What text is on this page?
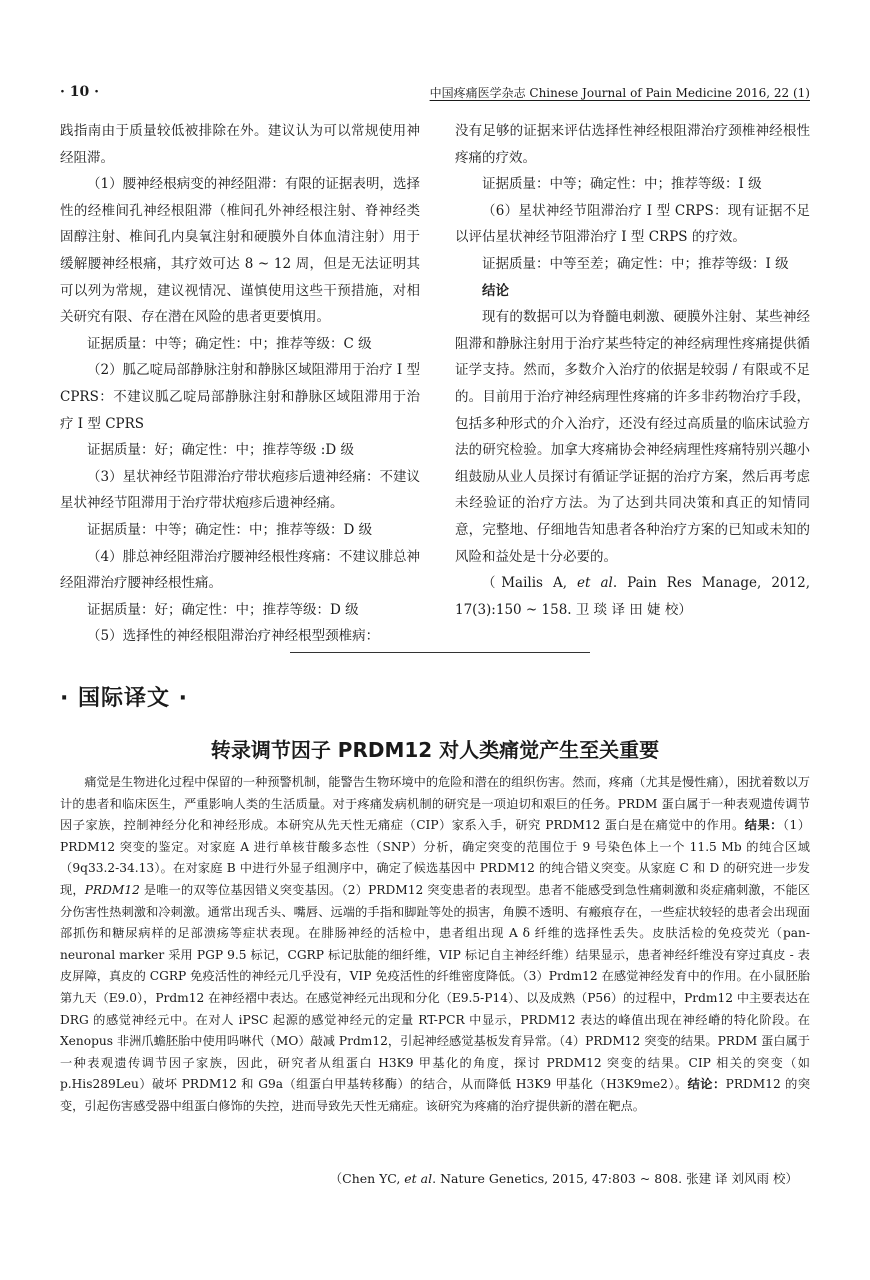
· 10 ·	中国疼痛医学杂志 Chinese Journal of Pain Medicine 2016, 22 (1)

践指南由于质量较低被排除在外。建议认为可以常规使用神经阻滞。

（1）腰神经根病变的神经阻滞：有限的证据表明，选择性的经椎间孔神经根阻滞（椎间孔外神经根注射、脊神经类固醇注射、椎间孔内臭氧注射和硬膜外自体血清注射）用于缓解腰神经根痛，其疗效可达 8 ~ 12 周，但是无法证明其可以列为常规，建议视情况、谨慎使用这些干预措施，对相关研究有限、存在潜在风险的患者更要慎用。

证据质量：中等；确定性：中；推荐等级：C 级

（2）胍乙啶局部静脉注射和静脉区域阻滞用于治疗 I 型 CPRS：不建议胍乙啶局部静脉注射和静脉区域阻滞用于治疗 I 型 CPRS

证据质量：好；确定性：中；推荐等级 :D 级

（3）星状神经节阻滞治疗带状疱疹后遗神经痛：不建议星状神经节阻滞用于治疗带状疱疹后遗神经痛。

证据质量：中等；确定性：中；推荐等级：D 级

（4）腓总神经阻滞治疗腰神经根性疼痛：不建议腓总神经阻滞治疗腰神经根性痛。

证据质量：好；确定性：中；推荐等级：D 级

（5）选择性的神经根阻滞治疗神经根型颈椎病：

没有足够的证据来评估选择性神经根阻滞治疗颈椎神经根性疼痛的疗效。

证据质量：中等；确定性：中；推荐等级：I 级

（6）星状神经节阻滞治疗 I 型 CRPS：现有证据不足以评估星状神经节阻滞治疗 I 型 CRPS 的疗效。

证据质量：中等至差；确定性：中；推荐等级：I 级

结论

现有的数据可以为脊髓电刺激、硬膜外注射、某些神经阻滞和静脉注射用于治疗某些特定的神经病理性疼痛提供循证学支持。然而，多数介入治疗的依据是较弱 / 有限或不足的。目前用于治疗神经病理性疼痛的许多非药物治疗手段，包括多种形式的介入治疗，还没有经过高质量的临床试验方法的研究检验。加拿大疼痛协会神经病理性疼痛特别兴趣小组鼓励从业人员探讨有循证学证据的治疗方案，然后再考虑未经验证的治疗方法。为了达到共同决策和真正的知情同意，完整地、仔细地告知患者各种治疗方案的已知或未知的风险和益处是十分必要的。

（Mailis A, et al. Pain Res Manage, 2012, 17(3):150 ~ 158. 卫 琰 译 田 婕 校）

· 国际译文 ·
转录调节因子 PRDM12 对人类痛觉产生至关重要

痛觉是生物进化过程中保留的一种预警机制，能警告生物环境中的危险和潜在的组织伤害。然而，疼痛（尤其是慢性痛），困扰着数以万计的患者和临床医生，严重影响人类的生活质量。对于疼痛发病机制的研究是一项迫切和艰巨的任务。PRDM 蛋白属于一种表观遗传调节因子家族，控制神经分化和神经形成。本研究从先天性无痛症（CIP）家系入手，研究 PRDM12 蛋白是在痛觉中的作用。结果：（1）PRDM12 突变的鉴定。对家庭 A 进行单核苷酸多态性（SNP）分析，确定突变的范围位于 9 号染色体上一个 11.5 Mb 的纯合区域（9q33.2-34.13）。在对家庭 B 中进行外显子组测序中，确定了候选基因中 PRDM12 的纯合错义突变。从家庭 C 和 D 的研究进一步发现，PRDM12 是唯一的双等位基因错义突变基因。（2）PRDM12 突变患者的表现型。患者不能感受到急性痛刺激和炎症痛刺激，不能区分伤害性热刺激和冷刺激。通常出现舌头、嘴唇、远端的手指和脚趾等处的损害，角膜不透明、有瘢痕存在，一些症状较轻的患者会出现面部抓伤和糖尿病样的足部溃疡等症状表现。在腓肠神经的活检中，患者组出现 A δ 纤维的选择性丢失。皮肤活检的免疫荧光（pan-neuronal marker 采用 PGP 9.5 标记，CGRP 标记肽能的细纤维，VIP 标记自主神经纤维）结果显示，患者神经纤维没有穿过真皮 - 表皮屏障，真皮的 CGRP 免疫活性的神经元几乎没有，VIP 免疫活性的纤维密度降低。（3）Prdm12 在感觉神经发育中的作用。在小鼠胚胎第九天（E9.0），Prdm12 在神经褶中表达。在感觉神经元出现和分化（E9.5-P14）、以及成熟（P56）的过程中，Prdm12 中主要表达在 DRG 的感觉神经元中。在对人 iPSC 起源的感觉神经元的定量 RT-PCR 中显示，PRDM12 表达的峰值出现在神经嵴的特化阶段。在 Xenopus 非洲爪蟾胚胎中使用吗啉代（MO）敲减 Prdm12，引起神经感觉基板发育异常。（4）PRDM12 突变的结果。PRDM 蛋白属于一种表观遗传调节因子家族，因此，研究者从组蛋白 H3K9 甲基化的角度，探讨 PRDM12 突变的结果。CIP 相关的突变（如 p.His289Leu）破坏 PRDM12 和 G9a（组蛋白甲基转移酶）的结合，从而降低 H3K9 甲基化（H3K9me2）。结论：PRDM12 的突变，引起伤害感受器中组蛋白修饰的失控，进而导致先天性无痛症。该研究为疼痛的治疗提供新的潜在靶点。

（Chen YC, et al. Nature Genetics, 2015, 47:803 ~ 808. 张建 译 刘风雨 校）
